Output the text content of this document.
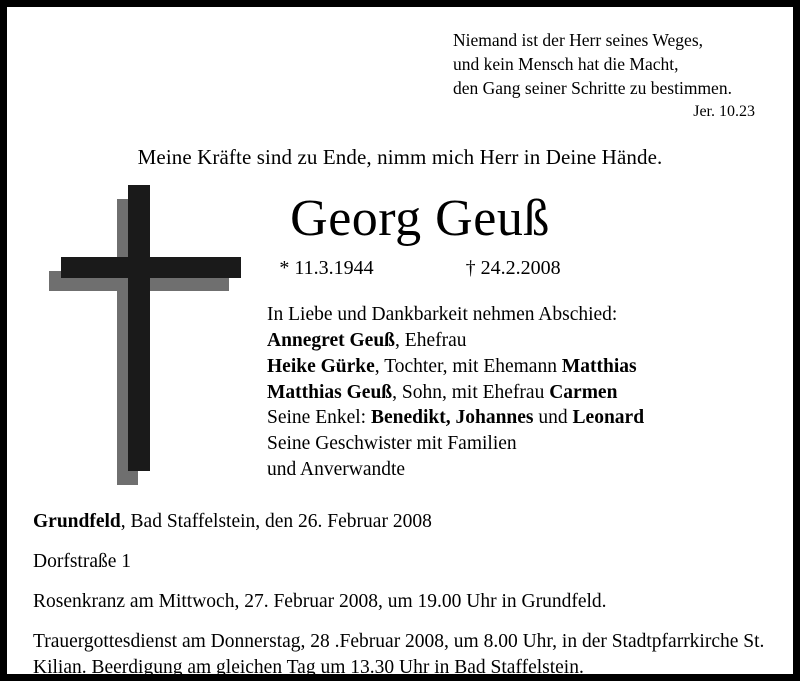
Niemand ist der Herr seines Weges,
und kein Mensch hat die Macht,
den Gang seiner Schritte zu bestimmen.
Jer. 10.23
Meine Kräfte sind zu Ende, nimm mich Herr in Deine Hände.
Georg Geuß
* 11.3.1944	† 24.2.2008
In Liebe und Dankbarkeit nehmen Abschied:
Annegret Geuß, Ehefrau
Heike Gürke, Tochter, mit Ehemann Matthias
Matthias Geuß, Sohn, mit Ehefrau Carmen
Seine Enkel: Benedikt, Johannes und Leonard
Seine Geschwister mit Familien
und Anverwandte
Grundfeld, Bad Staffelstein, den 26. Februar 2008
Dorfstraße 1
Rosenkranz am Mittwoch, 27. Februar 2008, um 19.00 Uhr in Grundfeld.
Trauergottesdienst am Donnerstag, 28 .Februar 2008, um 8.00 Uhr, in der Stadtpfarrkirche St. Kilian. Beerdigung am gleichen Tag um 13.30 Uhr in Bad Staffelstein.
